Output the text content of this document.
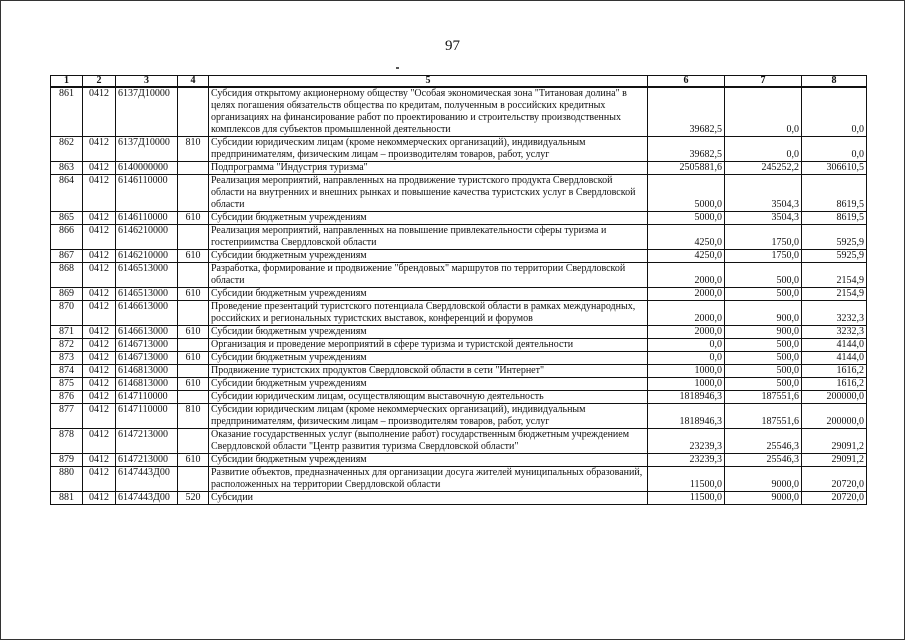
97
1	2	3	4	5	6	7	8
861	0412	6137Д10000		Субсидия открытому акционерному обществу "Особая экономическая зона "Титановая долина" в целях погашения обязательств общества по кредитам, полученным в российских кредитных организациях на финансирование работ по проектированию и строительству производственных комплексов для субъектов промышленной деятельности	39682,5	0,0	0,0
862	0412	6137Д10000	810	Субсидии юридическим лицам (кроме некоммерческих организаций), индивидуальным предпринимателям, физическим лицам – производителям товаров, работ, услуг	39682,5	0,0	0,0
863	0412	6140000000		Подпрограмма "Индустрия туризма"	2505881,6	245252,2	306610,5
864	0412	6146110000		Реализация мероприятий, направленных на продвижение туристского продукта Свердловской области на внутренних и внешних рынках и повышение качества туристских услуг в Свердловской области	5000,0	3504,3	8619,5
865	0412	6146110000	610	Субсидии бюджетным учреждениям	5000,0	3504,3	8619,5
866	0412	6146210000		Реализация мероприятий, направленных на повышение привлекательности сферы туризма и гостеприимства Свердловской области	4250,0	1750,0	5925,9
867	0412	6146210000	610	Субсидии бюджетным учреждениям	4250,0	1750,0	5925,9
868	0412	6146513000		Разработка, формирование и продвижение "брендовых" маршрутов по территории Свердловской области	2000,0	500,0	2154,9
869	0412	6146513000	610	Субсидии бюджетным учреждениям	2000,0	500,0	2154,9
870	0412	6146613000		Проведение презентаций туристского потенциала Свердловской области в рамках международных, российских и региональных туристских выставок, конференций и форумов	2000,0	900,0	3232,3
871	0412	6146613000	610	Субсидии бюджетным учреждениям	2000,0	900,0	3232,3
872	0412	6146713000		Организация и проведение мероприятий в сфере туризма и туристской деятельности	0,0	500,0	4144,0
873	0412	6146713000	610	Субсидии бюджетным учреждениям	0,0	500,0	4144,0
874	0412	6146813000		Продвижение туристских продуктов Свердловской области в сети "Интернет"	1000,0	500,0	1616,2
875	0412	6146813000	610	Субсидии бюджетным учреждениям	1000,0	500,0	1616,2
876	0412	6147110000		Субсидии юридическим лицам, осуществляющим выставочную деятельность	1818946,3	187551,6	200000,0
877	0412	6147110000	810	Субсидии юридическим лицам (кроме некоммерческих организаций), индивидуальным предпринимателям, физическим лицам – производителям товаров, работ, услуг	1818946,3	187551,6	200000,0
878	0412	6147213000		Оказание государственных услуг (выполнение работ) государственным бюджетным учреждением Свердловской области "Центр развития туризма Свердловской области"	23239,3	25546,3	29091,2
879	0412	6147213000	610	Субсидии бюджетным учреждениям	23239,3	25546,3	29091,2
880	0412	6147443Д00		Развитие объектов, предназначенных для организации досуга жителей муниципальных образований, расположенных на территории Свердловской области	11500,0	9000,0	20720,0
881	0412	6147443Д00	520	Субсидии	11500,0	9000,0	20720,0
